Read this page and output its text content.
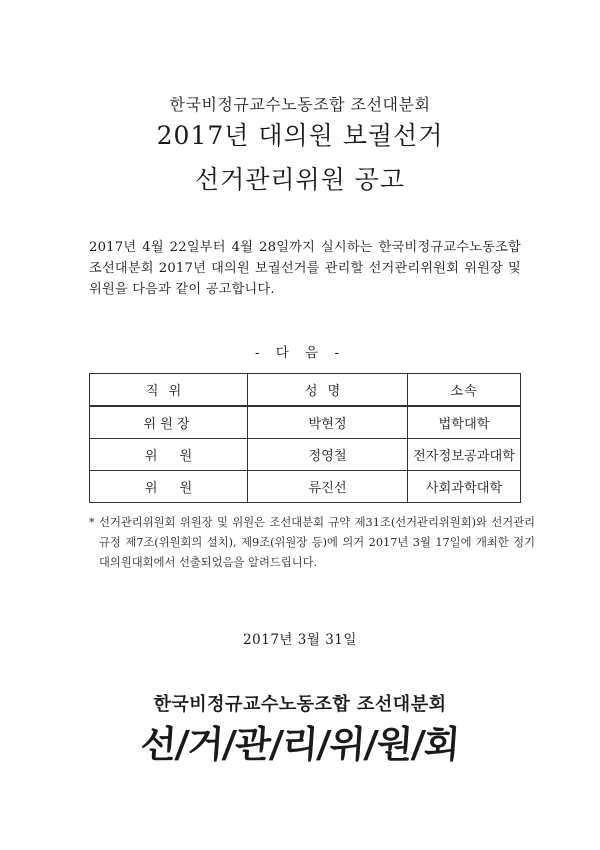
한국비정규교수노동조합 조선대분회
2017년 대의원 보궐선거
선거관리위원 공고

2017년 4월 22일부터 4월 28일까지 실시하는 한국비정규교수노동조합 조선대분회 2017년 대의원 보궐선거를 관리할 선거관리위원회 위원장 및 위원을 다음과 같이 공고합니다.

- 다 음 -
직위	성명	소속
위원장	박현정	법학대학
위원	정영철	전자정보공과대학
위원	류진선	사회과학대학

* 선거관리위원회 위원장 및 위원은 조선대분회 규약 제31조(선거관리위원회)와 선거관리규정 제7조(위원회의 설치), 제9조(위원장 등)에 의거 2017년 3월 17일에 개최한 정기대의원대회에서 선출되었음을 알려드립니다.

2017년 3월 31일
한국비정규교수노동조합 조선대분회
선/거/관/리/위/원/회
